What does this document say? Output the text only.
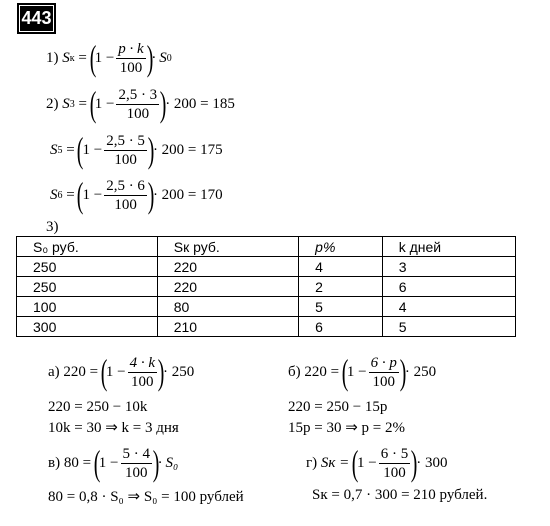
443
1)
S к =
(
$1 - \frac{p \cdot k}{100}$ )
· S 0
2)
S 3 =
(
$1 - \frac{2,5 \cdot 3}{100}$ )
· 200 = 185
S 5 =
(
$1 - \frac{2,5 \cdot 5}{100}$ )
· 200 = 175
S 6 =
(
$1 - \frac{2,5 \cdot 6}{100}$ )
· 200 = 170
3)
S₀ руб.	Sк руб.	p%	k дней
250	220	4	3
250	220	2	6
100	80	5	4
300	210	6	5
а)
220 =
(
$1 - \frac{4 \cdot k}{100}$ )
· 250
220 = 250 − 10k
10k = 30 ⇒ k = 3 дня
б)
220 =
(
$1 - \frac{6 \cdot p}{100}$ )
· 250
220 = 250 − 15p
15p = 30 ⇒ p = 2%
в)
80 =
(
$1 - \frac{5 \cdot 4}{100}$ )
· S₀
80 = 0,8 · S₀ ⇒ S₀ = 100 рублей
г)
Sк =
(
$1 - \frac{6 \cdot 5}{100}$ )
· 300
Sк = 0,7 · 300 = 210 рублей.
